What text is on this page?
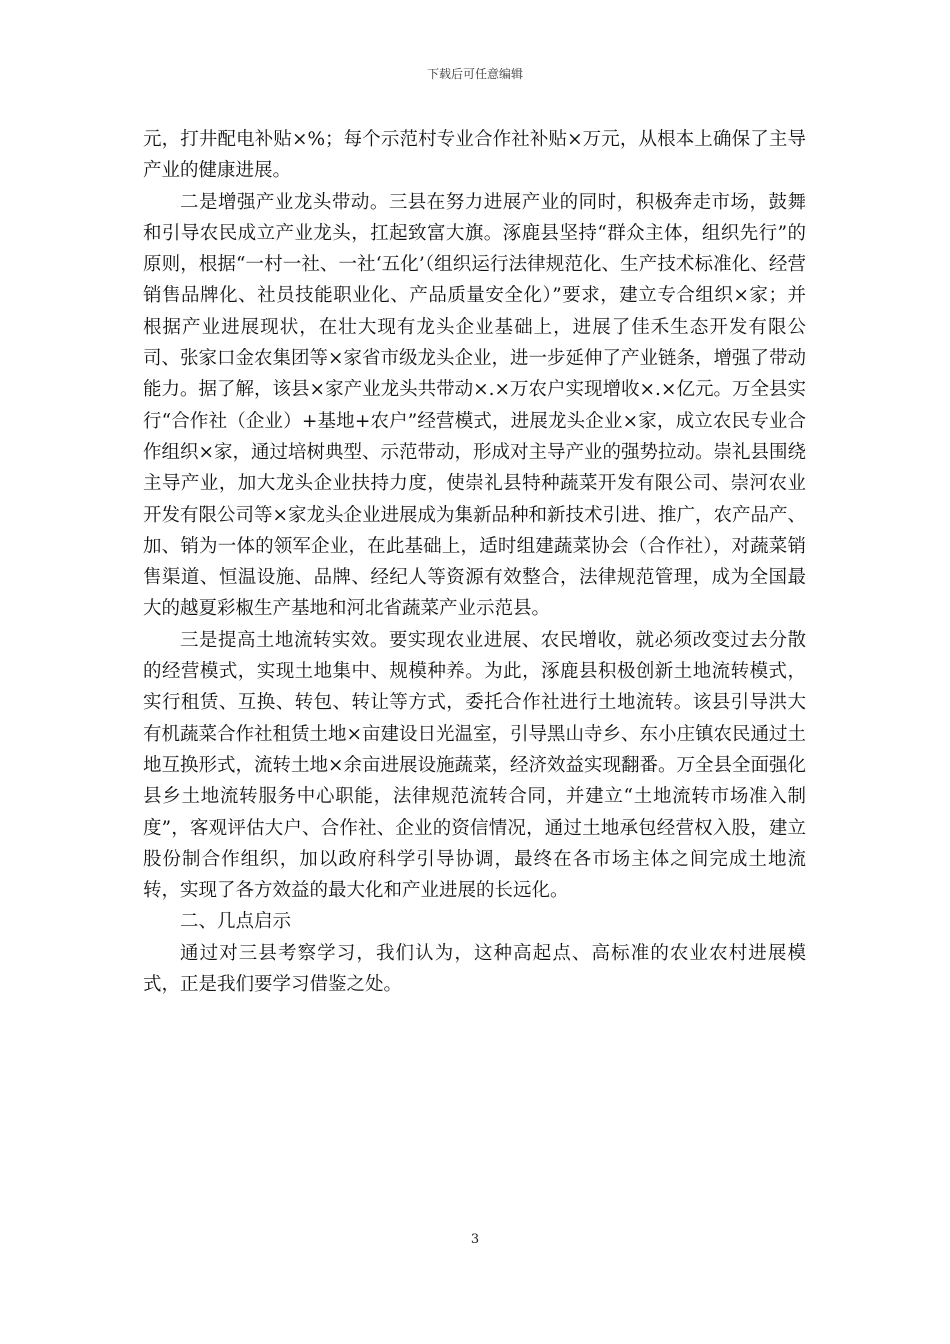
下载后可任意编辑

元，打井配电补贴×%；每个示范村专业合作社补贴×万元，从根本上确保了主导产业的健康进展。

二是增强产业龙头带动。三县在努力进展产业的同时，积极奔走市场，鼓舞和引导农民成立产业龙头，扛起致富大旗。涿鹿县坚持“群众主体，组织先行”的原则，根据“一村一社、一社‘五化’（组织运行法律规范化、生产技术标准化、经营销售品牌化、社员技能职业化、产品质量安全化）”要求，建立专合组织×家；并根据产业进展现状，在壮大现有龙头企业基础上，进展了佳禾生态开发有限公司、张家口金农集团等×家省市级龙头企业，进一步延伸了产业链条，增强了带动能力。据了解，该县×家产业龙头共带动×.×万农户实现增收×.×亿元。万全县实行“合作社（企业）+基地+农户”经营模式，进展龙头企业×家，成立农民专业合作组织×家，通过培树典型、示范带动，形成对主导产业的强势拉动。崇礼县围绕主导产业，加大龙头企业扶持力度，使崇礼县特种蔬菜开发有限公司、崇河农业开发有限公司等×家龙头企业进展成为集新品种和新技术引进、推广，农产品产、加、销为一体的领军企业，在此基础上，适时组建蔬菜协会（合作社），对蔬菜销售渠道、恒温设施、品牌、经纪人等资源有效整合，法律规范管理，成为全国最大的越夏彩椒生产基地和河北省蔬菜产业示范县。

三是提高土地流转实效。要实现农业进展、农民增收，就必须改变过去分散的经营模式，实现土地集中、规模种养。为此，涿鹿县积极创新土地流转模式，实行租赁、互换、转包、转让等方式，委托合作社进行土地流转。该县引导洪大有机蔬菜合作社租赁土地×亩建设日光温室，引导黑山寺乡、东小庄镇农民通过土地互换形式，流转土地×余亩进展设施蔬菜，经济效益实现翻番。万全县全面强化县乡土地流转服务中心职能，法律规范流转合同，并建立“土地流转市场准入制度”，客观评估大户、合作社、企业的资信情况，通过土地承包经营权入股，建立股份制合作组织，加以政府科学引导协调，最终在各市场主体之间完成土地流转，实现了各方效益的最大化和产业进展的长远化。

二、几点启示

通过对三县考察学习，我们认为，这种高起点、高标准的农业农村进展模式，正是我们要学习借鉴之处。

3
